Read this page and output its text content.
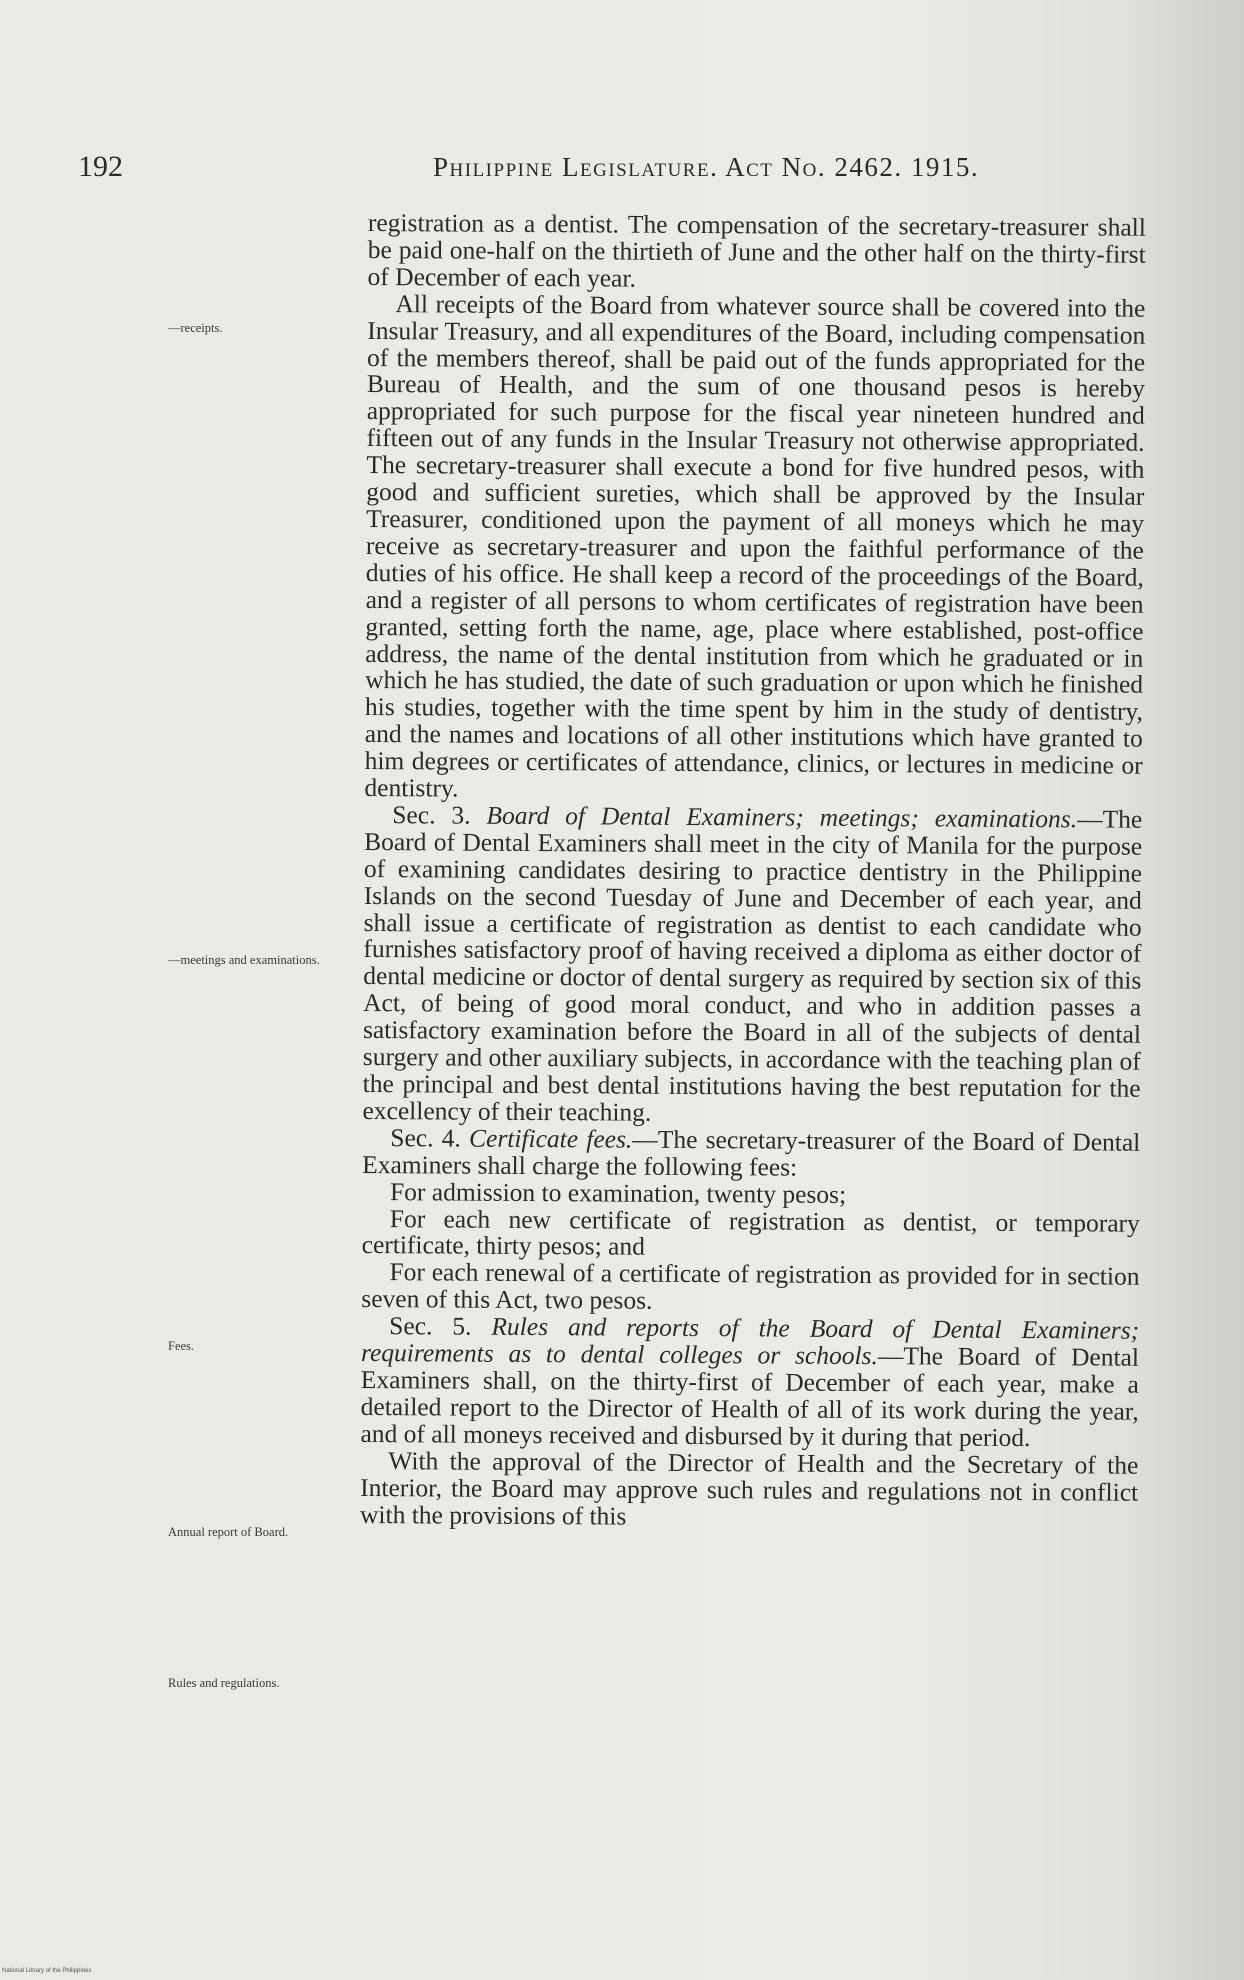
192	Philippine Legislature. Act No. 2462. 1915.
—receipts.
—meetings and examinations.
Fees.
Annual report of Board.
Rules and regulations.

registration as a dentist. The compensation of the secretary-treasurer shall be paid one-half on the thirtieth of June and the other half on the thirty-first of December of each year.

All receipts of the Board from whatever source shall be covered into the Insular Treasury, and all expenditures of the Board, including compensation of the members thereof, shall be paid out of the funds appropriated for the Bureau of Health, and the sum of one thousand pesos is hereby appropriated for such purpose for the fiscal year nineteen hundred and fifteen out of any funds in the Insular Treasury not otherwise appropriated. The secretary-treasurer shall execute a bond for five hundred pesos, with good and sufficient sureties, which shall be approved by the Insular Treasurer, conditioned upon the payment of all moneys which he may receive as secretary-treasurer and upon the faithful performance of the duties of his office. He shall keep a record of the proceedings of the Board, and a register of all persons to whom certificates of registration have been granted, setting forth the name, age, place where established, post-office address, the name of the dental institution from which he graduated or in which he has studied, the date of such graduation or upon which he finished his studies, together with the time spent by him in the study of dentistry, and the names and locations of all other institutions which have granted to him degrees or certificates of attendance, clinics, or lectures in medicine or dentistry.

Sec. 3. Board of Dental Examiners; meetings; examinations.—The Board of Dental Examiners shall meet in the city of Manila for the purpose of examining candidates desiring to practice dentistry in the Philippine Islands on the second Tuesday of June and December of each year, and shall issue a certificate of registration as dentist to each candidate who furnishes satisfactory proof of having received a diploma as either doctor of dental medicine or doctor of dental surgery as required by section six of this Act, of being of good moral conduct, and who in addition passes a satisfactory examination before the Board in all of the subjects of dental surgery and other auxiliary subjects, in accordance with the teaching plan of the principal and best dental institutions having the best reputation for the excellency of their teaching.

Sec. 4. Certificate fees.—The secretary-treasurer of the Board of Dental Examiners shall charge the following fees:

For admission to examination, twenty pesos;

For each new certificate of registration as dentist, or temporary certificate, thirty pesos; and

For each renewal of a certificate of registration as provided for in section seven of this Act, two pesos.

Sec. 5. Rules and reports of the Board of Dental Examiners; requirements as to dental colleges or schools.—The Board of Dental Examiners shall, on the thirty-first of December of each year, make a detailed report to the Director of Health of all of its work during the year, and of all moneys received and disbursed by it during that period.

With the approval of the Director of Health and the Secretary of the Interior, the Board may approve such rules and regulations not in conflict with the provisions of this

National Library of the Philippines
